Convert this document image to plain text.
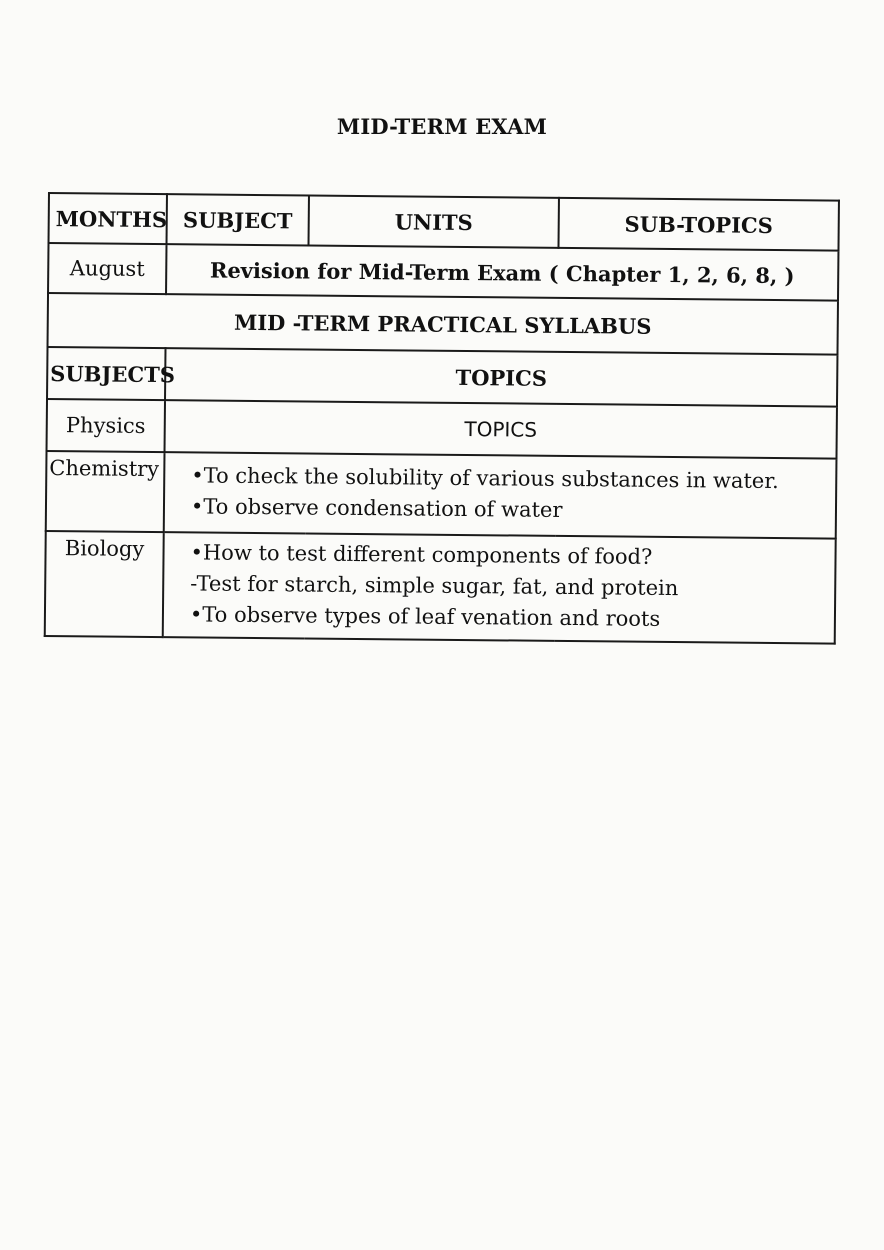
MID-TERM EXAM
MONTHS	SUBJECT	UNITS	SUB-TOPICS
August	Revision for Mid-Term Exam ( Chapter 1, 2, 6, 8, )		
MID -TERM PRACTICAL SYLLABUS			
SUBJECTS	TOPICS		
Physics	TOPICS		
Chemistry	•To check the solubility of various substances in water.
•To observe condensation of water		

Biology	•How to test different components of food?
-Test for starch, simple sugar, fat, and protein
•To observe types of leaf venation and roots		
